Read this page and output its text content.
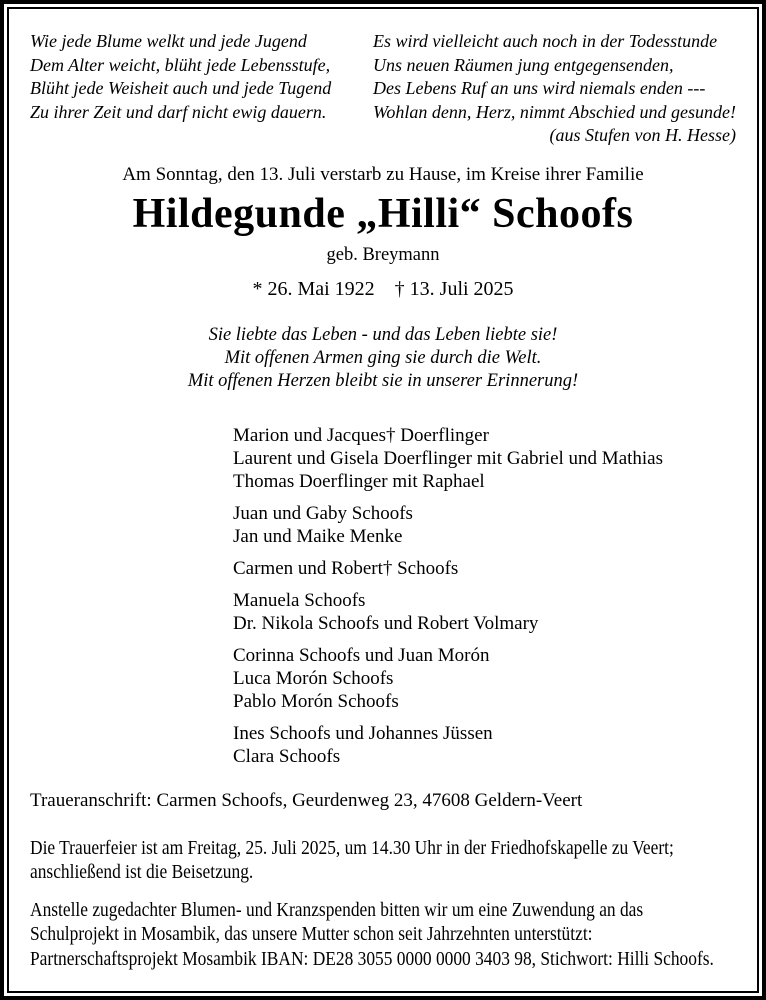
Wie jede Blume welkt und jede Jugend
Dem Alter weicht, blüht jede Lebensstufe,
Blüht jede Weisheit auch und jede Tugend
Zu ihrer Zeit und darf nicht ewig dauern.
Es wird vielleicht auch noch in der Todesstunde
Uns neuen Räumen jung entgegensenden,
Des Lebens Ruf an uns wird niemals enden ---
Wohlan denn, Herz, nimmt Abschied und gesunde!
(aus Stufen von H. Hesse)
Am Sonntag, den 13. Juli verstarb zu Hause, im Kreise ihrer Familie
Hildegunde „Hilli“ Schoofs
geb. Breymann
* 26. Mai 1922 † 13. Juli 2025
Sie liebte das Leben - und das Leben liebte sie!
Mit offenen Armen ging sie durch die Welt.
Mit offenen Herzen bleibt sie in unserer Erinnerung!
Marion und Jacques† Doerflinger
Laurent und Gisela Doerflinger mit Gabriel und Mathias
Thomas Doerflinger mit Raphael
Juan und Gaby Schoofs
Jan und Maike Menke
Carmen und Robert† Schoofs
Manuela Schoofs
Dr. Nikola Schoofs und Robert Volmary
Corinna Schoofs und Juan Morón
Luca Morón Schoofs
Pablo Morón Schoofs
Ines Schoofs und Johannes Jüssen
Clara Schoofs
Traueranschrift: Carmen Schoofs, Geurdenweg 23, 47608 Geldern-Veert
Die Trauerfeier ist am Freitag, 25. Juli 2025, um 14.30 Uhr in der Friedhofskapelle zu Veert;
anschließend ist die Beisetzung.
Anstelle zugedachter Blumen- und Kranzspenden bitten wir um eine Zuwendung an das
Schulprojekt in Mosambik, das unsere Mutter schon seit Jahrzehnten unterstützt:
Partnerschaftsprojekt Mosambik IBAN: DE28 3055 0000 0000 3403 98, Stichwort: Hilli Schoofs.
